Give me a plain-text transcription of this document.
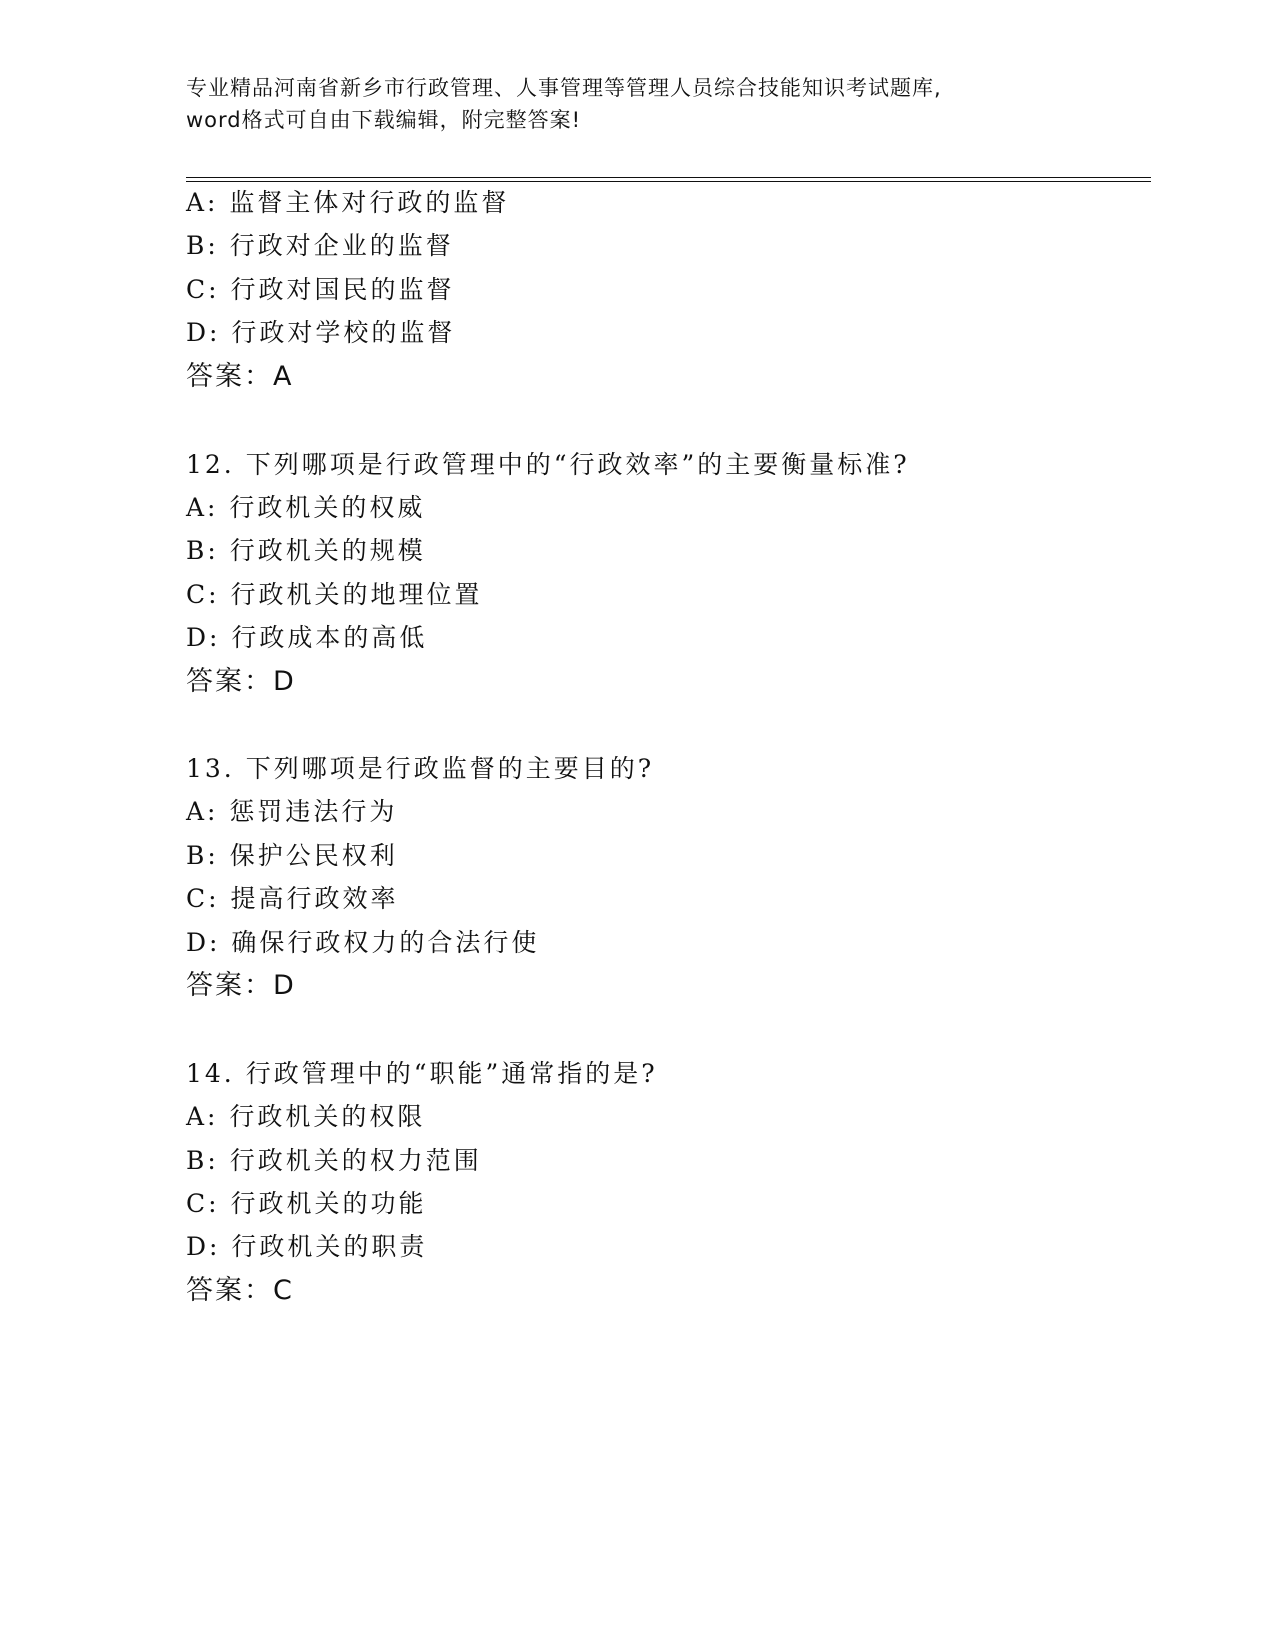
专业精品河南省新乡市行政管理、人事管理等管理人员综合技能知识考试题库,
word格式可自由下载编辑，附完整答案!
A: 监督主体对行政的监督
B: 行政对企业的监督
C: 行政对国民的监督
D: 行政对学校的监督
答案：A
12. 下列哪项是行政管理中的“行政效率”的主要衡量标准?
A: 行政机关的权威
B: 行政机关的规模
C: 行政机关的地理位置
D: 行政成本的高低
答案：D
13. 下列哪项是行政监督的主要目的?
A: 惩罚违法行为
B: 保护公民权利
C: 提高行政效率
D: 确保行政权力的合法行使
答案：D
14. 行政管理中的“职能”通常指的是?
A: 行政机关的权限
B: 行政机关的权力范围
C: 行政机关的功能
D: 行政机关的职责
答案：C
